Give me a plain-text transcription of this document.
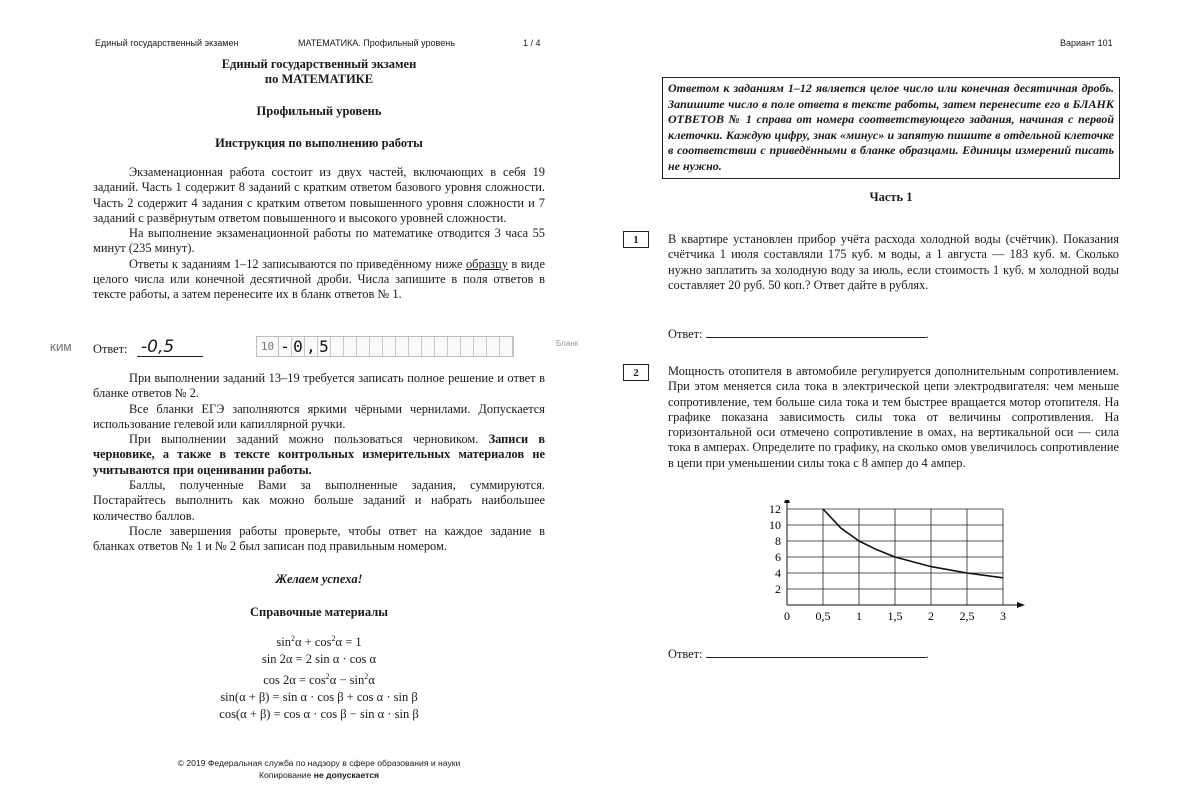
Единый государственный экзамен	МАТЕМАТИКА. Профильный уровень	1 / 4	Вариант 101
Единый государственный экзамен
по МАТЕМАТИКЕ
Профильный уровень
Инструкция по выполнению работы

Экзаменационная работа состоит из двух частей, включающих в себя 19 заданий. Часть 1 содержит 8 заданий с кратким ответом базового уровня сложности. Часть 2 содержит 4 задания с кратким ответом повышенного уровня сложности и 7 заданий с развёрнутым ответом повышенного и высокого уровней сложности.

На выполнение экзаменационной работы по математике отводится 3 часа 55 минут (235 минут).

Ответы к заданиям 1–12 записываются по приведённому ниже образцу в виде целого числа или конечной десятичной дроби. Числа запишите в поля ответов в тексте работы, а затем перенесите их в бланк ответов № 1.

КИМ Ответ: -0,5	10 - 0 , 5	Бланк

При выполнении заданий 13–19 требуется записать полное решение и ответ в бланке ответов № 2.

Все бланки ЕГЭ заполняются яркими чёрными чернилами. Допускается использование гелевой или капиллярной ручки.

При выполнении заданий можно пользоваться черновиком. Записи в черновике, а также в тексте контрольных измерительных материалов не учитываются при оценивании работы.

Баллы, полученные Вами за выполненные задания, суммируются. Постарайтесь выполнить как можно больше заданий и набрать наибольшее количество баллов.

После завершения работы проверьте, чтобы ответ на каждое задание в бланках ответов № 1 и № 2 был записан под правильным номером.

Желаем успеха!
Справочные материалы
$\sin^2\alpha + \cos^2\alpha = 1$
sin 2α = 2 sin α · cos α
$\cos 2\alpha = \cos^2\alpha - \sin^2\alpha$
sin(α + β) = sin α · cos β + cos α · sin β
cos(α + β) = cos α · cos β − sin α · sin β
© 2019 Федеральная служба по надзору в сфере образования и науки
Копирование не допускается

Ответом к заданиям 1–12 является целое число или конечная десятичная дробь. Запишите число в поле ответа в тексте работы, затем перенесите его в БЛАНК ОТВЕТОВ № 1 справа от номера соответствующего задания, начиная с первой клеточки. Каждую цифру, знак «минус» и запятую пишите в отдельной клеточке в соответствии с приведёнными в бланке образцами. Единицы измерений писать не нужно.

Часть 1
1	В квартире установлен прибор учёта расхода холодной воды (счётчик). Показания счётчика 1 июля составляли 175 куб. м воды, а 1 августа — 183 куб. м. Сколько нужно заплатить за холодную воду за июль, если стоимость 1 куб. м холодной воды составляет 20 руб. 50 коп.? Ответ дайте в рублях.

Ответ:	.
2	Мощность отопителя в автомобиле регулируется дополнительным сопротивлением. При этом меняется сила тока в электрической цепи электродвигателя: чем меньше сопротивление, тем больше сила тока и тем быстрее вращается мотор отопителя. На графике показана зависимость силы тока от величины сопротивления. На горизонтальной оси отмечено сопротивление в омах, на вертикальной оси — сила тока в амперах. Определите по графику, на сколько омов увеличилось сопротивление в цепи при уменьшении силы тока с 8 ампер до 4 ампер.

0 0,5 1 1,5 2 2,5 3
2
4
6
8
10
12
Ответ:	.
